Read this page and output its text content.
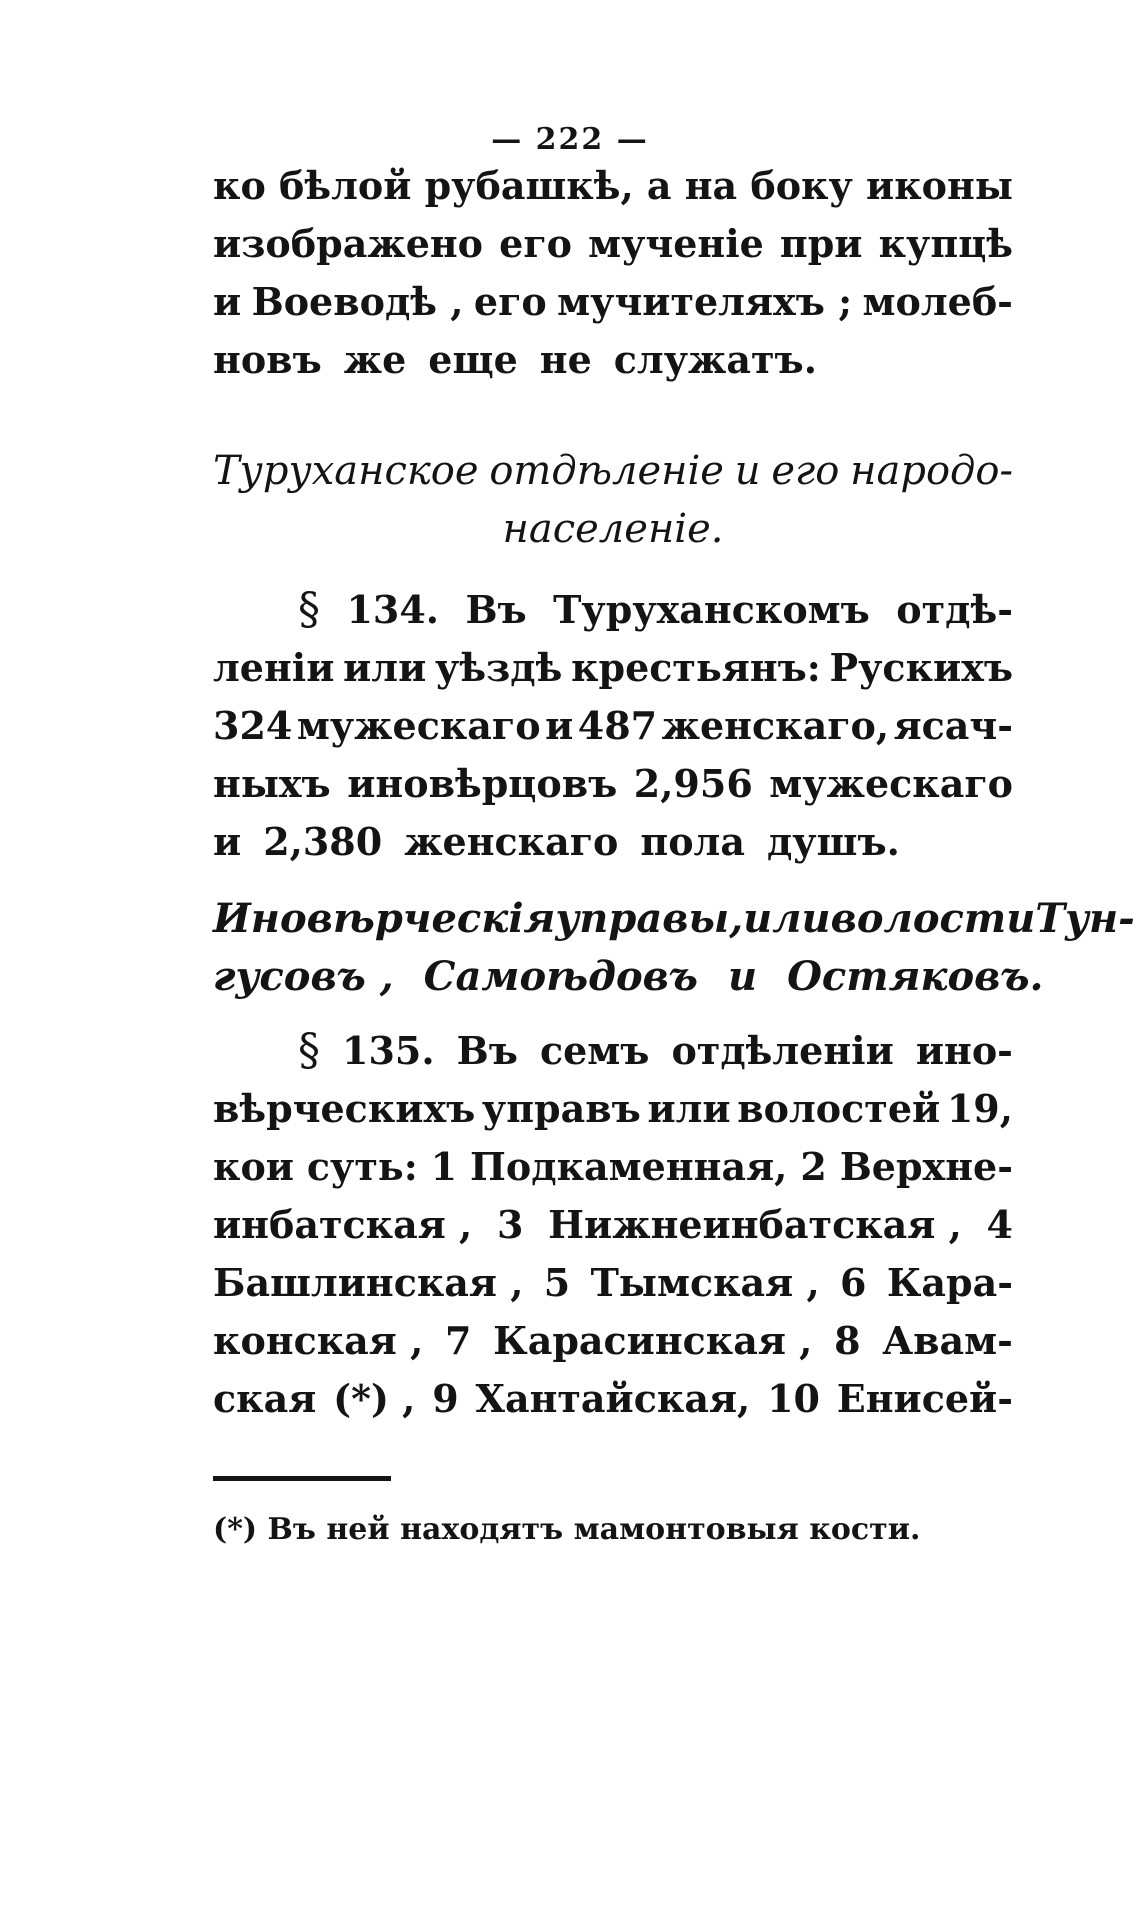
— 222 —
ко бѣлой рубашкѣ, а на боку иконы
изображено его мученіе при купцѣ
и Воеводѣ , его мучителяхъ ; молеб-
новъ же еще не служатъ.
Туруханское отдѣленіе и его народо-
населеніе.
§ 134. Въ Туруханскомъ отдѣ-
леніи или уѣздѣ крестьянъ: Рускихъ
324 мужескаго и 487 женскаго, ясач-
ныхъ иновѣрцовъ 2,956 мужескаго
и 2,380 женскаго пола душъ.
Иновѣрческія управы, или волости Тун-
гусовъ , Самоѣдовъ и Остяковъ.
§ 135. Въ семъ отдѣленіи ино-
вѣрческихъ управъ или волостей 19,
кои суть: 1 Подкаменная, 2 Верхне-
инбатская , 3 Нижнеинбатская , 4
Башлинская , 5 Тымская , 6 Кара-
конская , 7 Карасинская , 8 Авам-
ская (*) , 9 Хантайская, 10 Енисей-
(*) Въ ней находятъ мамонтовыя кости.
